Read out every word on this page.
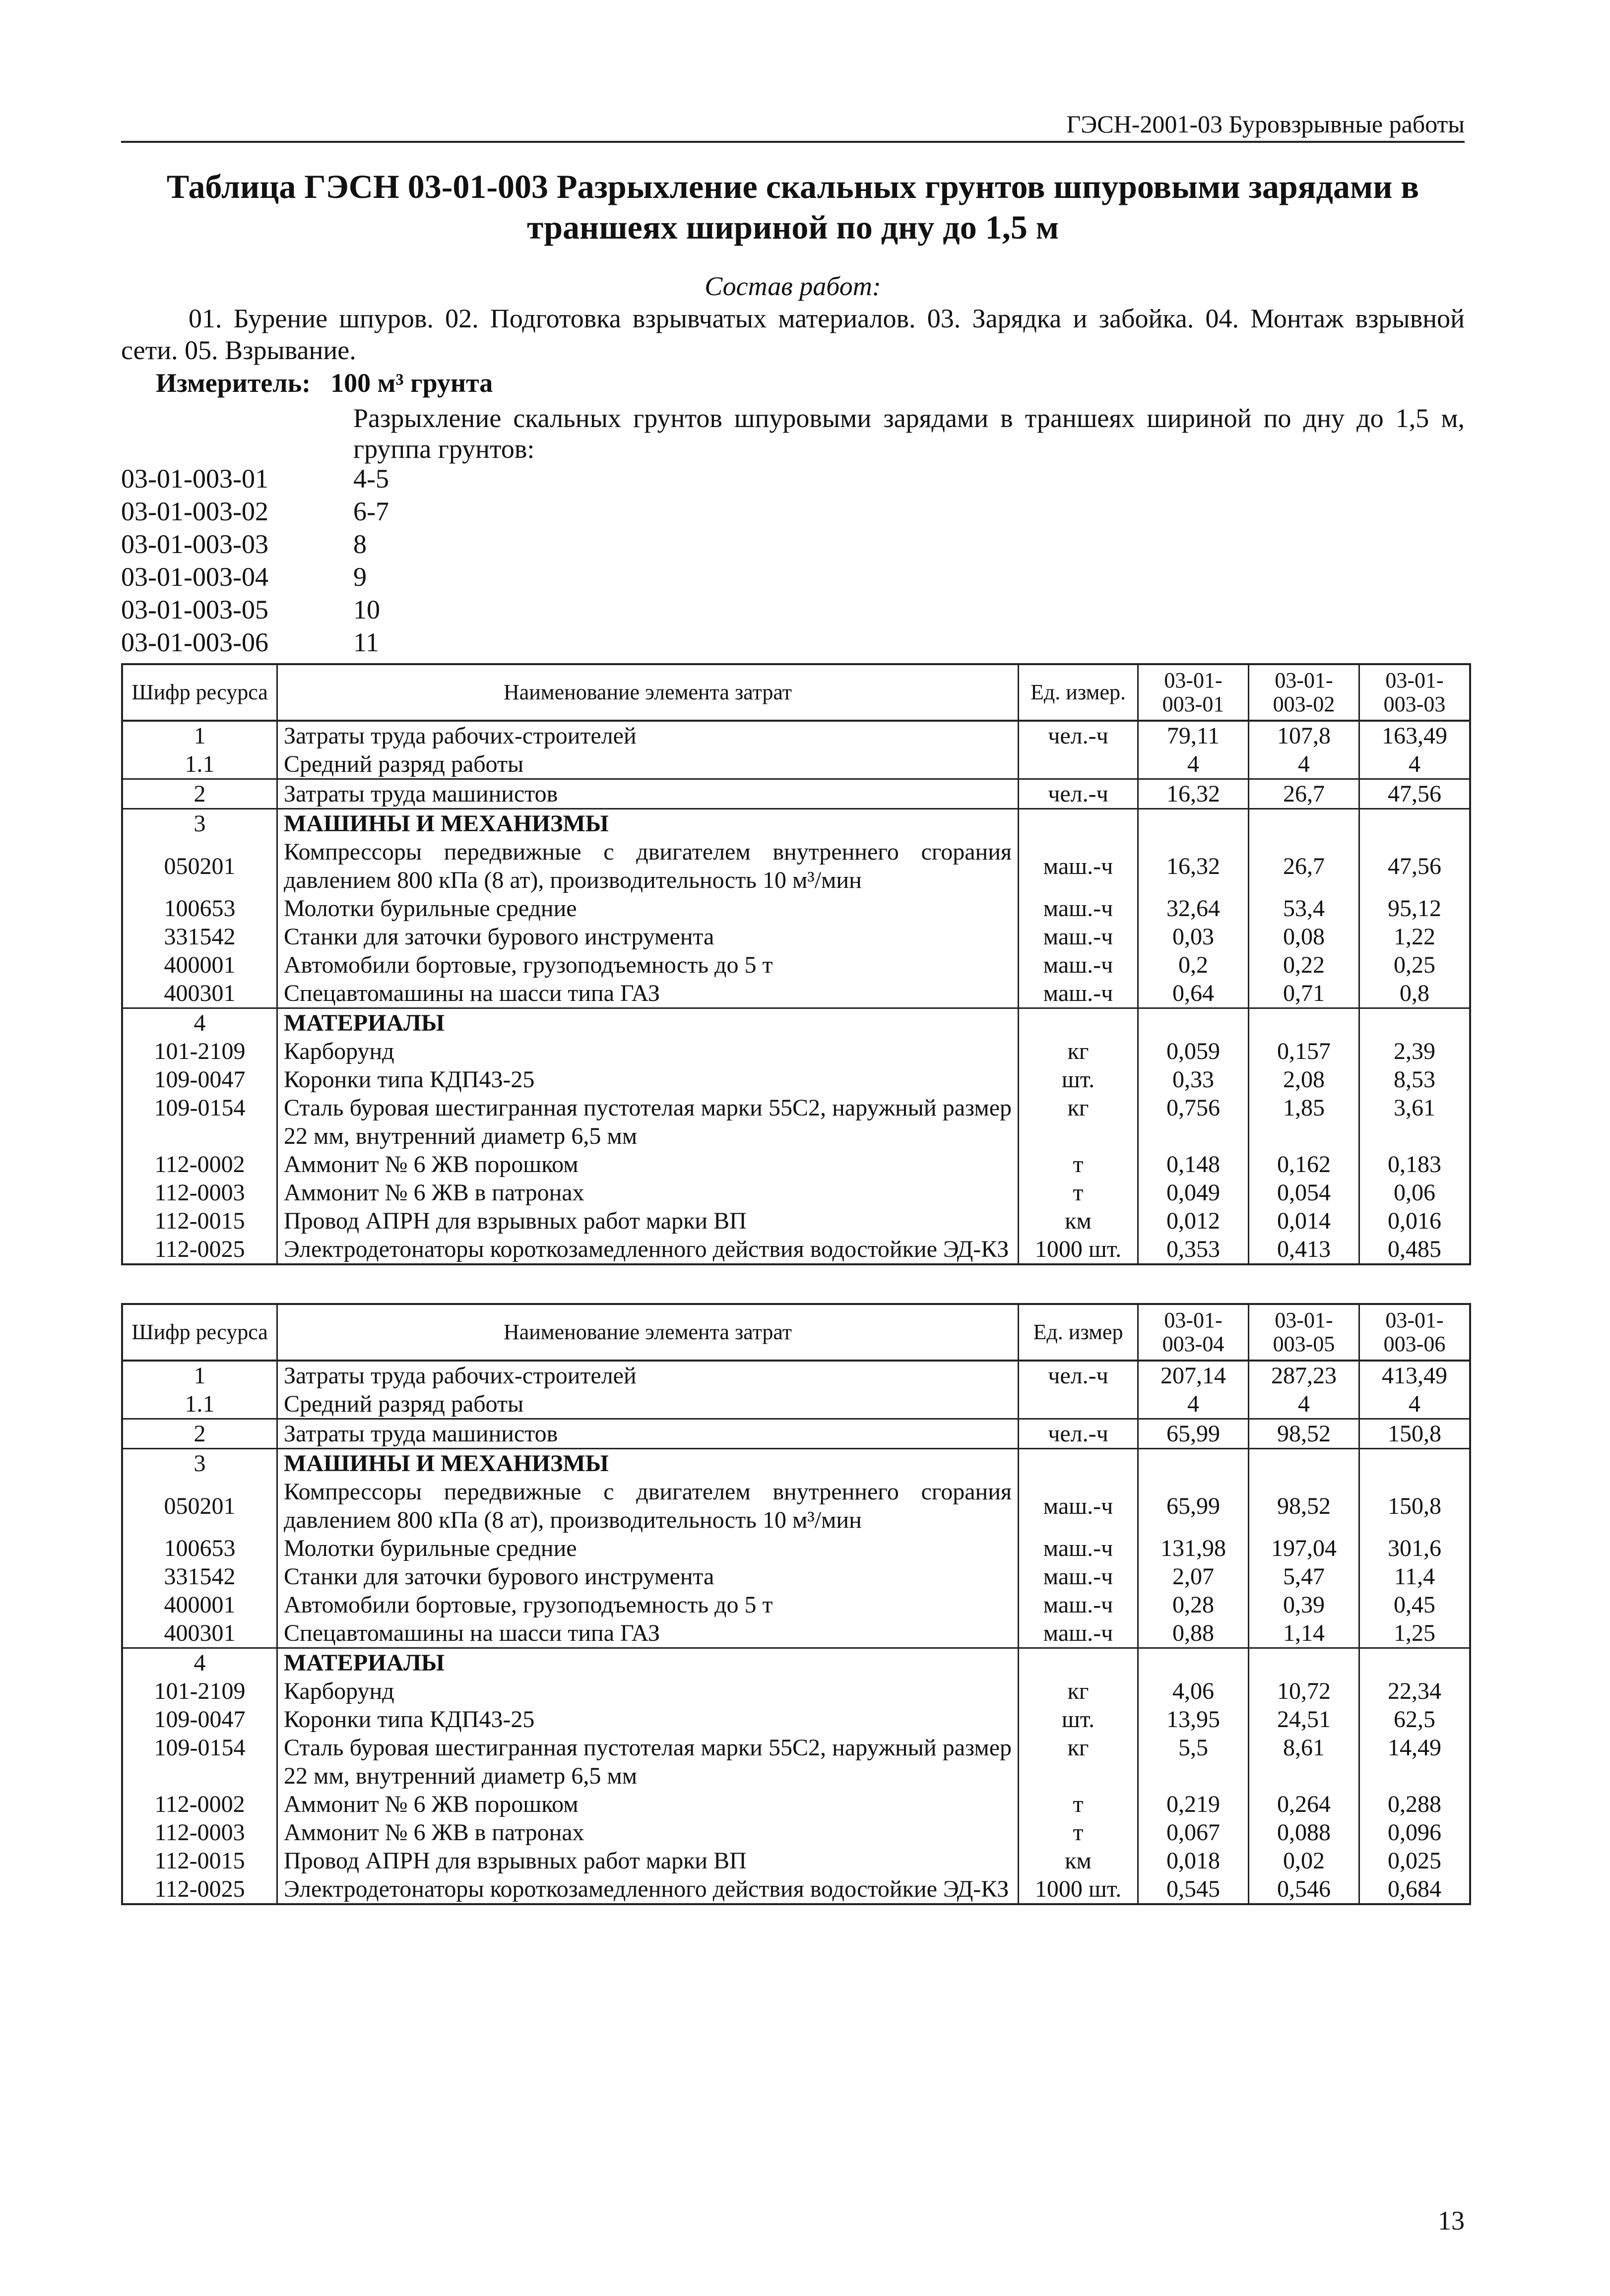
ГЭСН-2001-03 Буровзрывные работы
Таблица ГЭСН 03-01-003 Разрыхление скальных грунтов шпуровыми зарядами в
траншеях шириной по дну до 1,5 м
Состав работ:
01. Бурение шпуров. 02. Подготовка взрывчатых материалов. 03. Зарядка и забойка. 04. Монтаж взрывной сети. 05. Взрывание.
Измеритель: 100 м³ грунта
Разрыхление скальных грунтов шпуровыми зарядами в траншеях шириной по дну до 1,5 м, группа грунтов:
03-01-003-01	4-5
03-01-003-02	6-7
03-01-003-03	8
03-01-003-04	9
03-01-003-05	10
03-01-003-06	11
Шифр ресурса	Наименование элемента затрат	Ед. измер.	03-01-003-01	03-01-003-02	03-01-003-03
1	Затраты труда рабочих-строителей	чел.-ч	79,11	107,8	163,49
1.1	Средний разряд работы		4	4	4
2	Затраты труда машинистов	чел.-ч	16,32	26,7	47,56
3	МАШИНЫ И МЕХАНИЗМЫ				
050201	Компрессоры передвижные с двигателем внутреннего сгорания давлением 800 кПа (8 ат), производительность 10 м³/мин	маш.-ч	16,32	26,7	47,56
100653	Молотки бурильные средние	маш.-ч	32,64	53,4	95,12
331542	Станки для заточки бурового инструмента	маш.-ч	0,03	0,08	1,22
400001	Автомобили бортовые, грузоподъемность до 5 т	маш.-ч	0,2	0,22	0,25
400301	Спецавтомашины на шасси типа ГАЗ	маш.-ч	0,64	0,71	0,8
4	МАТЕРИАЛЫ				
101-2109	Карборунд	кг	0,059	0,157	2,39
109-0047	Коронки типа КДП43-25	шт.	0,33	2,08	8,53
109-0154	Сталь буровая шестигранная пустотелая марки 55С2, наружный размер 22 мм, внутренний диаметр 6,5 мм	кг	0,756	1,85	3,61
112-0002	Аммонит № 6 ЖВ порошком	т	0,148	0,162	0,183
112-0003	Аммонит № 6 ЖВ в патронах	т	0,049	0,054	0,06
112-0015	Провод АПРН для взрывных работ марки ВП	км	0,012	0,014	0,016
112-0025	Электродетонаторы короткозамедленного действия водостойкие ЭД-КЗ	1000 шт.	0,353	0,413	0,485
Шифр ресурса	Наименование элемента затрат	Ед. измер	03-01-003-04	03-01-003-05	03-01-003-06
1	Затраты труда рабочих-строителей	чел.-ч	207,14	287,23	413,49
1.1	Средний разряд работы		4	4	4
2	Затраты труда машинистов	чел.-ч	65,99	98,52	150,8
3	МАШИНЫ И МЕХАНИЗМЫ				
050201	Компрессоры передвижные с двигателем внутреннего сгорания давлением 800 кПа (8 ат), производительность 10 м³/мин	маш.-ч	65,99	98,52	150,8
100653	Молотки бурильные средние	маш.-ч	131,98	197,04	301,6
331542	Станки для заточки бурового инструмента	маш.-ч	2,07	5,47	11,4
400001	Автомобили бортовые, грузоподъемность до 5 т	маш.-ч	0,28	0,39	0,45
400301	Спецавтомашины на шасси типа ГАЗ	маш.-ч	0,88	1,14	1,25
4	МАТЕРИАЛЫ				
101-2109	Карборунд	кг	4,06	10,72	22,34
109-0047	Коронки типа КДП43-25	шт.	13,95	24,51	62,5
109-0154	Сталь буровая шестигранная пустотелая марки 55С2, наружный размер 22 мм, внутренний диаметр 6,5 мм	кг	5,5	8,61	14,49
112-0002	Аммонит № 6 ЖВ порошком	т	0,219	0,264	0,288
112-0003	Аммонит № 6 ЖВ в патронах	т	0,067	0,088	0,096
112-0015	Провод АПРН для взрывных работ марки ВП	км	0,018	0,02	0,025
112-0025	Электродетонаторы короткозамедленного действия водостойкие ЭД-КЗ	1000 шт.	0,545	0,546	0,684
13
